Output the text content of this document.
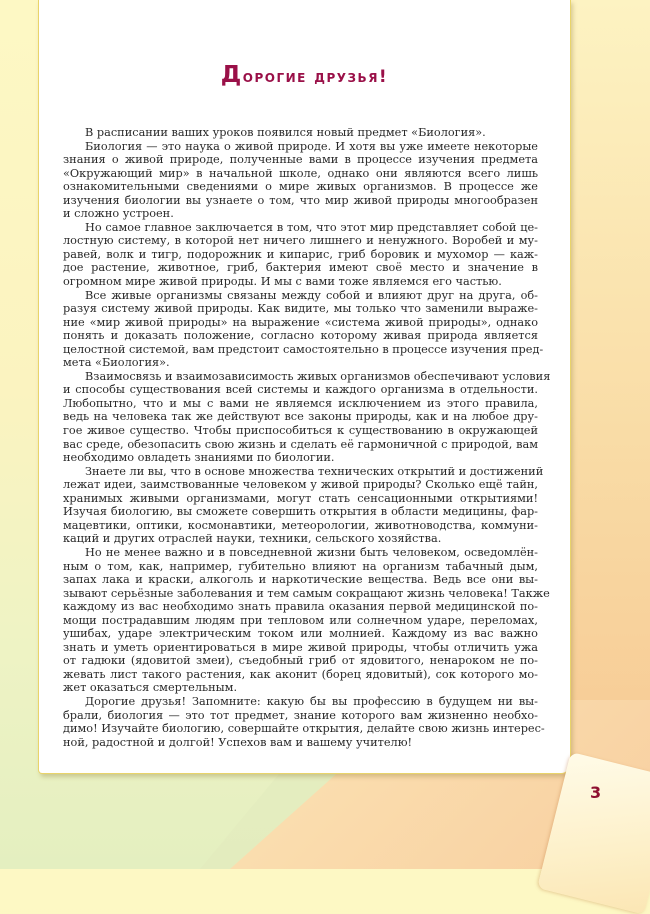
Дорогие друзья!
В расписании ваших уроков появился новый предмет «Биология».
Биология — это наука о живой природе. И хотя вы уже имеете некоторые
знания о живой природе, полученные вами в процессе изучения предмета
«Окружающий мир» в начальной школе, однако они являются всего лишь
ознакомительными сведениями о мире живых организмов. В процессе же
изучения биологии вы узнаете о том, что мир живой природы многообразен
и сложно устроен.
Но самое главное заключается в том, что этот мир представляет собой це-
лостную систему, в которой нет ничего лишнего и ненужного. Воробей и му-
равей, волк и тигр, подорожник и кипарис, гриб боровик и мухомор — каж-
дое растение, животное, гриб, бактерия имеют своё место и значение в
огромном мире живой природы. И мы с вами тоже являемся его частью.
Все живые организмы связаны между собой и влияют друг на друга, об-
разуя систему живой природы. Как видите, мы только что заменили выраже-
ние «мир живой природы» на выражение «система живой природы», однако
понять и доказать положение, согласно которому живая природа является
целостной системой, вам предстоит самостоятельно в процессе изучения пред-
мета «Биология».
Взаимосвязь и взаимозависимость живых организмов обеспечивают условия
и способы существования всей системы и каждого организма в отдельности.
Любопытно, что и мы с вами не являемся исключением из этого правила,
ведь на человека так же действуют все законы природы, как и на любое дру-
гое живое существо. Чтобы приспособиться к существованию в окружающей
вас среде, обезопасить свою жизнь и сделать её гармоничной с природой, вам
необходимо овладеть знаниями по биологии.
Знаете ли вы, что в основе множества технических открытий и достижений
лежат идеи, заимствованные человеком у живой природы? Сколько ещё тайн,
хранимых живыми организмами, могут стать сенсационными открытиями!
Изучая биологию, вы сможете совершить открытия в области медицины, фар-
мацевтики, оптики, космонавтики, метеорологии, животноводства, коммуни-
каций и других отраслей науки, техники, сельского хозяйства.
Но не менее важно и в повседневной жизни быть человеком, осведомлён-
ным о том, как, например, губительно влияют на организм табачный дым,
запах лака и краски, алкоголь и наркотические вещества. Ведь все они вы-
зывают серьёзные заболевания и тем самым сокращают жизнь человека! Также
каждому из вас необходимо знать правила оказания первой медицинской по-
мощи пострадавшим людям при тепловом или солнечном ударе, переломах,
ушибах, ударе электрическим током или молнией. Каждому из вас важно
знать и уметь ориентироваться в мире живой природы, чтобы отличить ужа
от гадюки (ядовитой змеи), съедобный гриб от ядовитого, ненароком не по-
жевать лист такого растения, как аконит (борец ядовитый), сок которого мо-
жет оказаться смертельным.
Дорогие друзья! Запомните: какую бы вы профессию в будущем ни вы-
брали, биология — это тот предмет, знание которого вам жизненно необхо-
димо! Изучайте биологию, совершайте открытия, делайте свою жизнь интерес-
ной, радостной и долгой! Успехов вам и вашему учителю!
3
